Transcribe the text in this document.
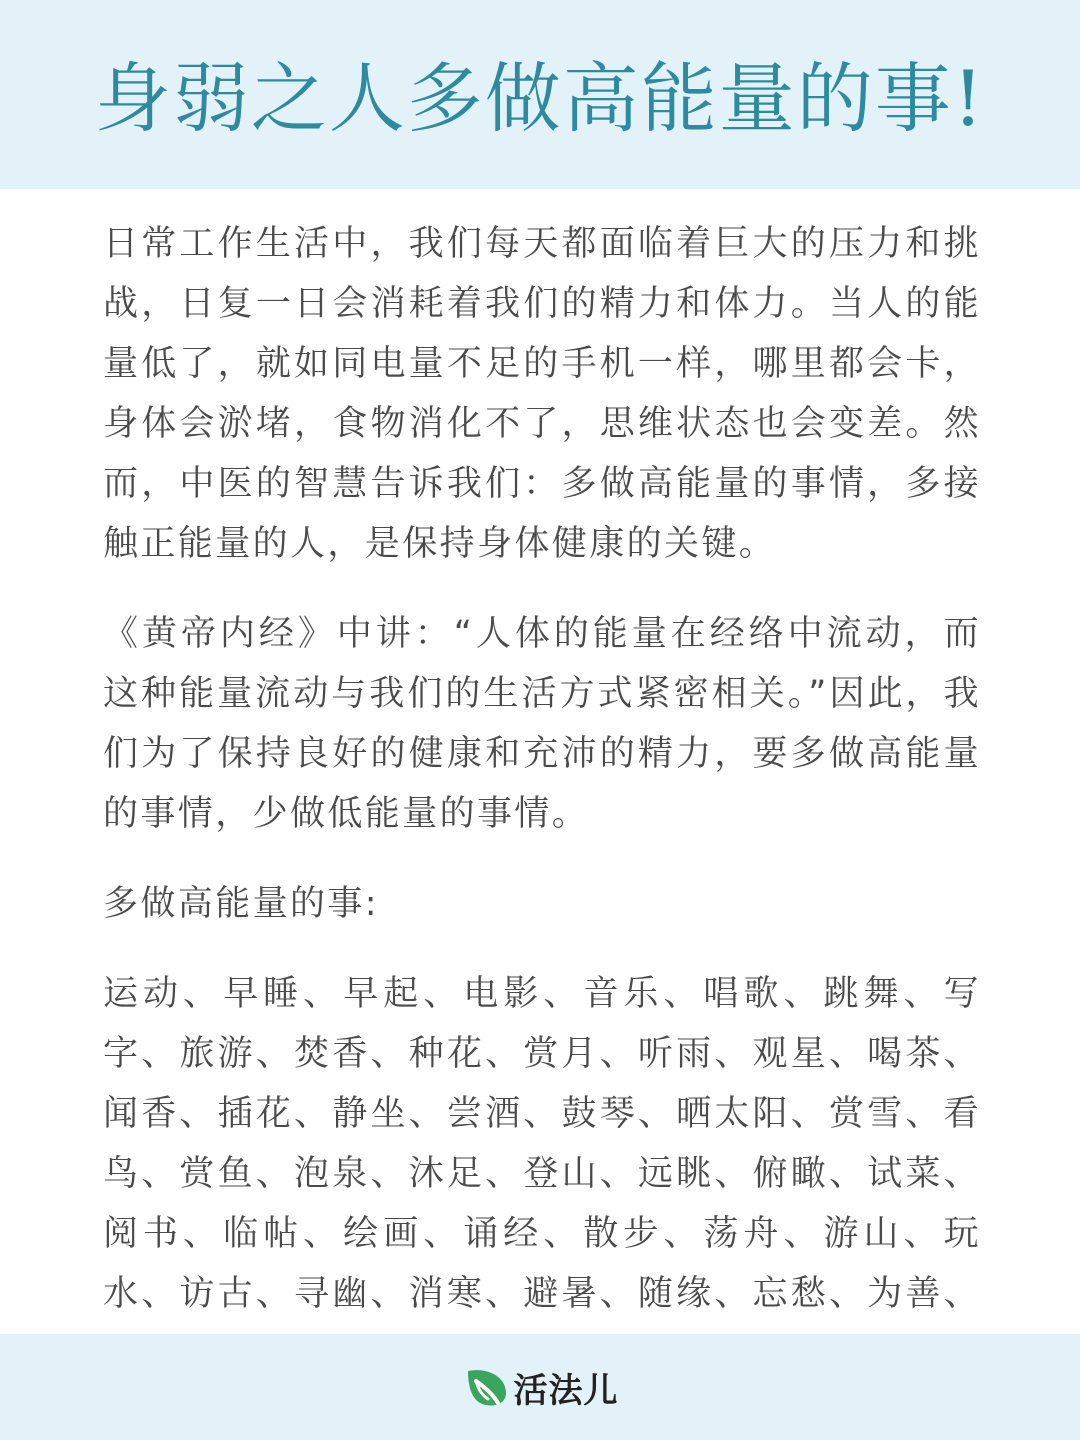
身弱之人多做高能量的事!

日常工作生活中，我们每天都面临着巨大的压力和挑战，日复一日会消耗着我们的精力和体力。当人的能量低了，就如同电量不足的手机一样，哪里都会卡，身体会淤堵，食物消化不了，思维状态也会变差。然而，中医的智慧告诉我们：多做高能量的事情，多接触正能量的人，是保持身体健康的关键。

《黄帝内经》中讲：“人体的能量在经络中流动，而这种能量流动与我们的生活方式紧密相关。”因此，我们为了保持良好的健康和充沛的精力，要多做高能量的事情，少做低能量的事情。

多做高能量的事:

运动、早睡、早起、电影、音乐、唱歌、跳舞、写字、旅游、焚香、种花、赏月、听雨、观星、喝茶、闻香、插花、静坐、尝酒、鼓琴、晒太阳、赏雪、看鸟、赏鱼、泡泉、沐足、登山、远眺、俯瞰、试菜、阅书、临帖、绘画、诵经、散步、荡舟、游山、玩水、访古、寻幽、消寒、避暑、随缘、忘愁、为善、

活法儿
